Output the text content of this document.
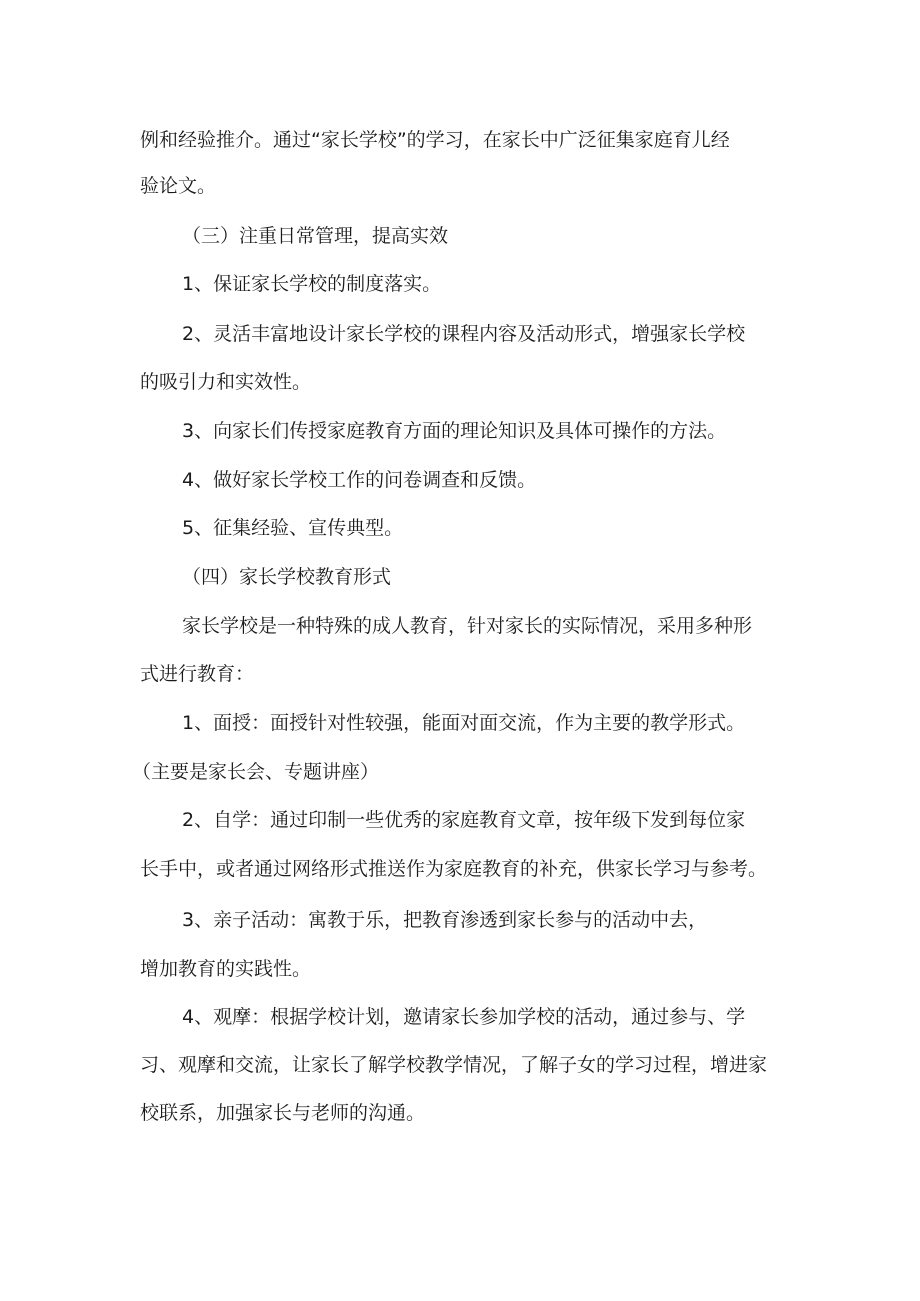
例和经验推介。通过“家长学校”的学习，在家长中广泛征集家庭育儿经
验论文。
（三）注重日常管理，提高实效
1、保证家长学校的制度落实。
2、灵活丰富地设计家长学校的课程内容及活动形式，增强家长学校
的吸引力和实效性。
3、向家长们传授家庭教育方面的理论知识及具体可操作的方法。
4、做好家长学校工作的问卷调查和反馈。
5、征集经验、宣传典型。
（四）家长学校教育形式
家长学校是一种特殊的成人教育，针对家长的实际情况，采用多种形
式进行教育：
1、面授：面授针对性较强，能面对面交流，作为主要的教学形式。
（主要是家长会、专题讲座）
2、自学：通过印制一些优秀的家庭教育文章，按年级下发到每位家
长手中，或者通过网络形式推送作为家庭教育的补充，供家长学习与参考。
3、亲子活动：寓教于乐，把教育渗透到家长参与的活动中去，
增加教育的实践性。
4、观摩：根据学校计划，邀请家长参加学校的活动，通过参与、学
习、观摩和交流，让家长了解学校教学情况，了解子女的学习过程，增进家
校联系，加强家长与老师的沟通。
